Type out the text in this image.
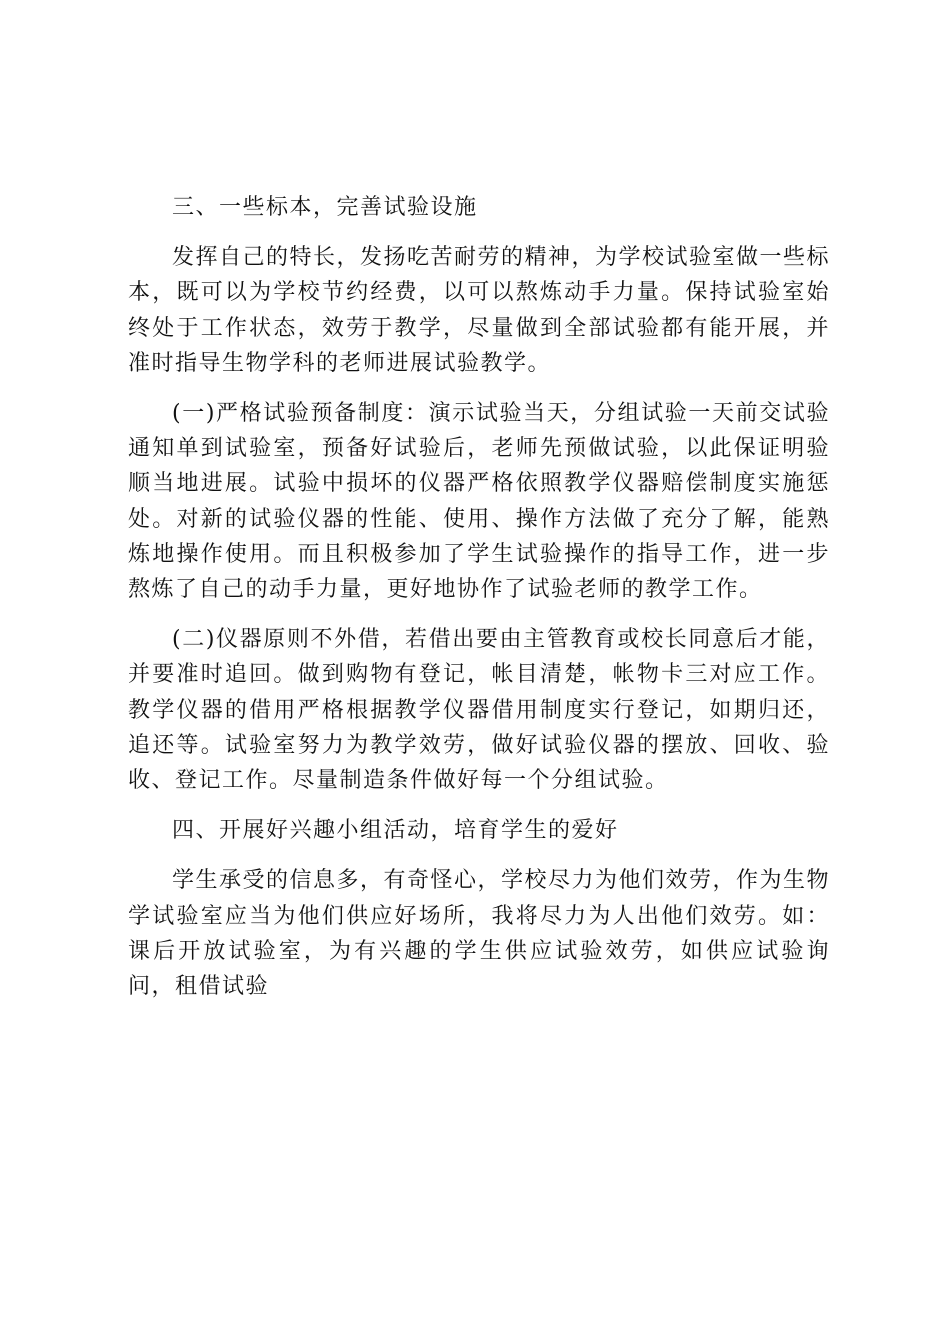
三、一些标本，完善试验设施

发挥自己的特长，发扬吃苦耐劳的精神，为学校试验室做一些标本，既可以为学校节约经费，以可以熬炼动手力量。保持试验室始终处于工作状态，效劳于教学，尽量做到全部试验都有能开展，并准时指导生物学科的老师进展试验教学。

(一)严格试验预备制度：演示试验当天，分组试验一天前交试验通知单到试验室，预备好试验后，老师先预做试验，以此保证明验顺当地进展。试验中损坏的仪器严格依照教学仪器赔偿制度实施惩处。对新的试验仪器的性能、使用、操作方法做了充分了解，能熟炼地操作使用。而且积极参加了学生试验操作的指导工作，进一步熬炼了自己的动手力量，更好地协作了试验老师的教学工作。

(二)仪器原则不外借，若借出要由主管教育或校长同意后才能，并要准时追回。做到购物有登记，帐目清楚，帐物卡三对应工作。教学仪器的借用严格根据教学仪器借用制度实行登记，如期归还，追还等。试验室努力为教学效劳，做好试验仪器的摆放、回收、验收、登记工作。尽量制造条件做好每一个分组试验。

四、开展好兴趣小组活动，培育学生的爱好

学生承受的信息多，有奇怪心，学校尽力为他们效劳，作为生物学试验室应当为他们供应好场所，我将尽力为人出他们效劳。如：课后开放试验室，为有兴趣的学生供应试验效劳，如供应试验询问，租借试验
